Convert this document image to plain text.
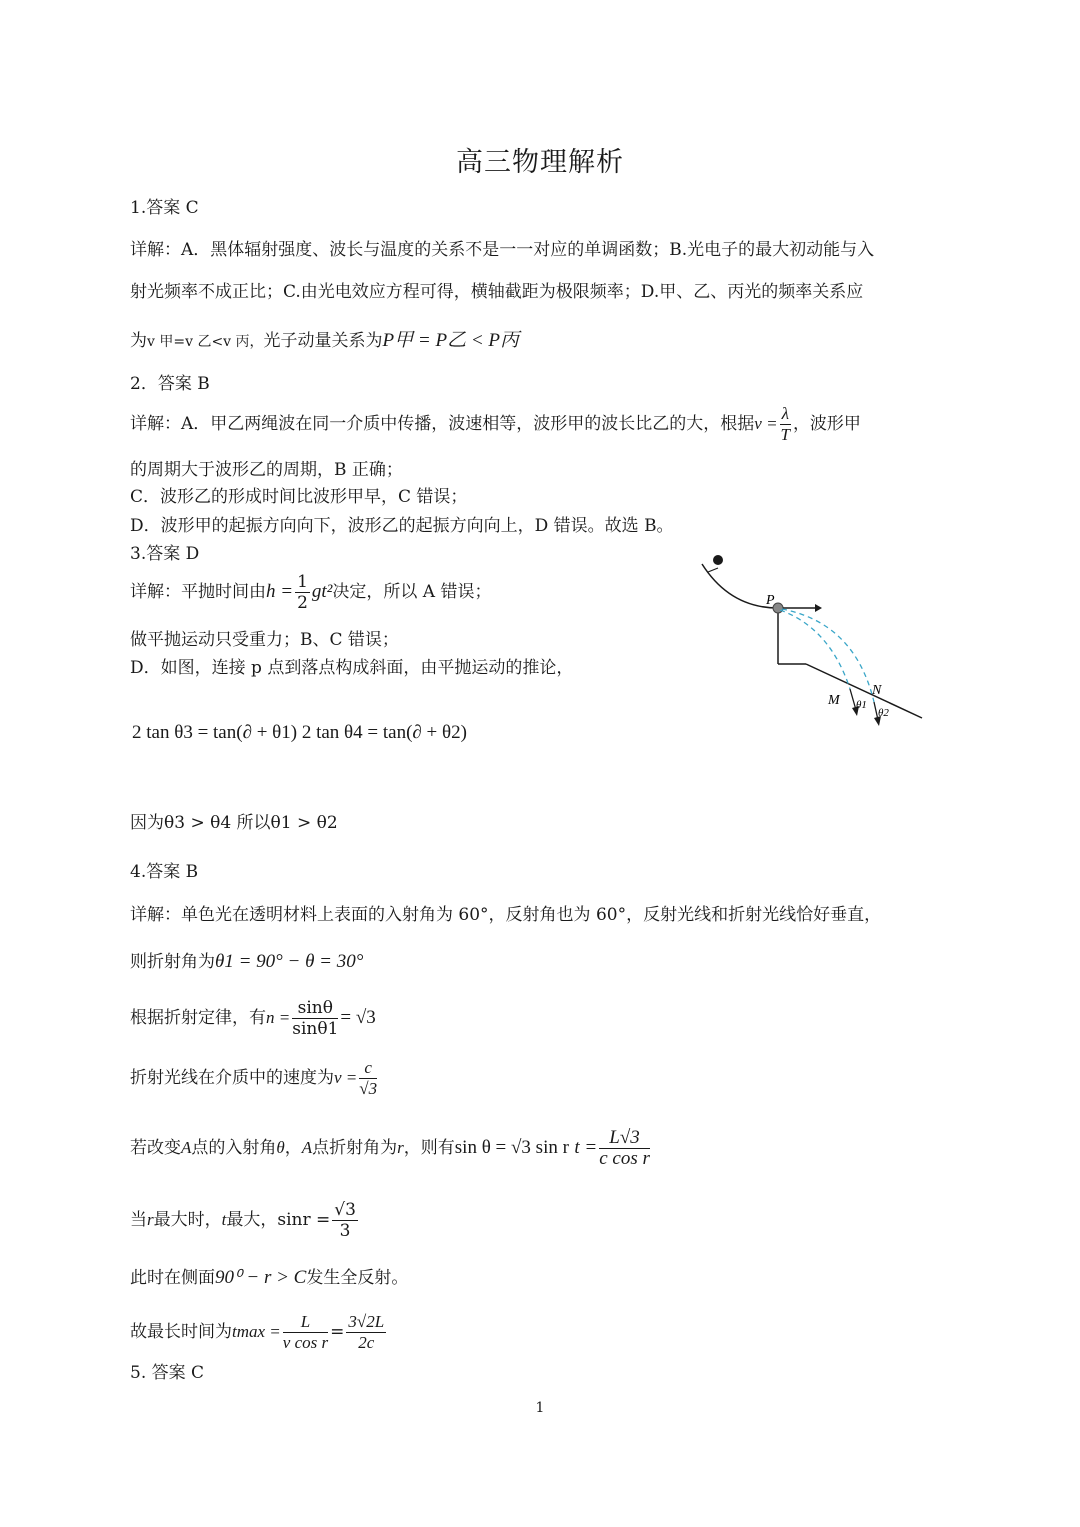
高三物理解析
1.答案 C
详解：A．黑体辐射强度、波长与温度的关系不是一一对应的单调函数；B.光电子的最大初动能与入
射光频率不成正比；C.由光电效应方程可得，横轴截距为极限频率；D.甲、乙、丙光的频率关系应
为v 甲=v 乙<v 丙，光子动量关系为P甲 = P乙 < P丙
2．答案 B
详解：A．甲乙两绳波在同一介质中传播，波速相等，波形甲的波长比乙的大，根据$v = \frac{\lambda}{T}$ ，波形甲
的周期大于波形乙的周期，B 正确；
C．波形乙的形成时间比波形甲早，C 错误；
D．波形甲的起振方向向下，波形乙的起振方向向上，D 错误。故选 B。
3.答案 D
详解：平抛时间由$h = \frac{1}{2} gt^2$决定，所以 A 错误；
做平抛运动只受重力；B、C 错误；
D．如图，连接 p 点到落点构成斜面，由平抛运动的推论，
2 tan θ3 = tan(∂ + θ1) 2 tan θ4 = tan(∂ + θ2)
因为θ3 > θ4 所以θ1 > θ2
P
M
N
θ1
θ2
4.答案 B
详解：单色光在透明材料上表面的入射角为 60°，反射角也为 60°，反射光线和折射光线恰好垂直，
则折射角为θ1 = 90° − θ = 30°
根据折射定律，有$n = \frac{\sin\theta}{\sin\theta 1} = √3$
折射光线在介质中的速度为$v = \frac{c}{√3}$
若改变A点的入射角θ，A点折射角为r，则有sin θ = √3 sin r $t = \frac{L√3}{\text{c cos r}}$
当r最大时，t最大，$\sin r = \frac{√3}{3}$
此时在侧面90⁰ − r > C发生全反射。
故最长时间为$tmax = \frac{L}{\text{v cos r}} = \frac{3√2L}{2c}$
5. 答案 C
1
